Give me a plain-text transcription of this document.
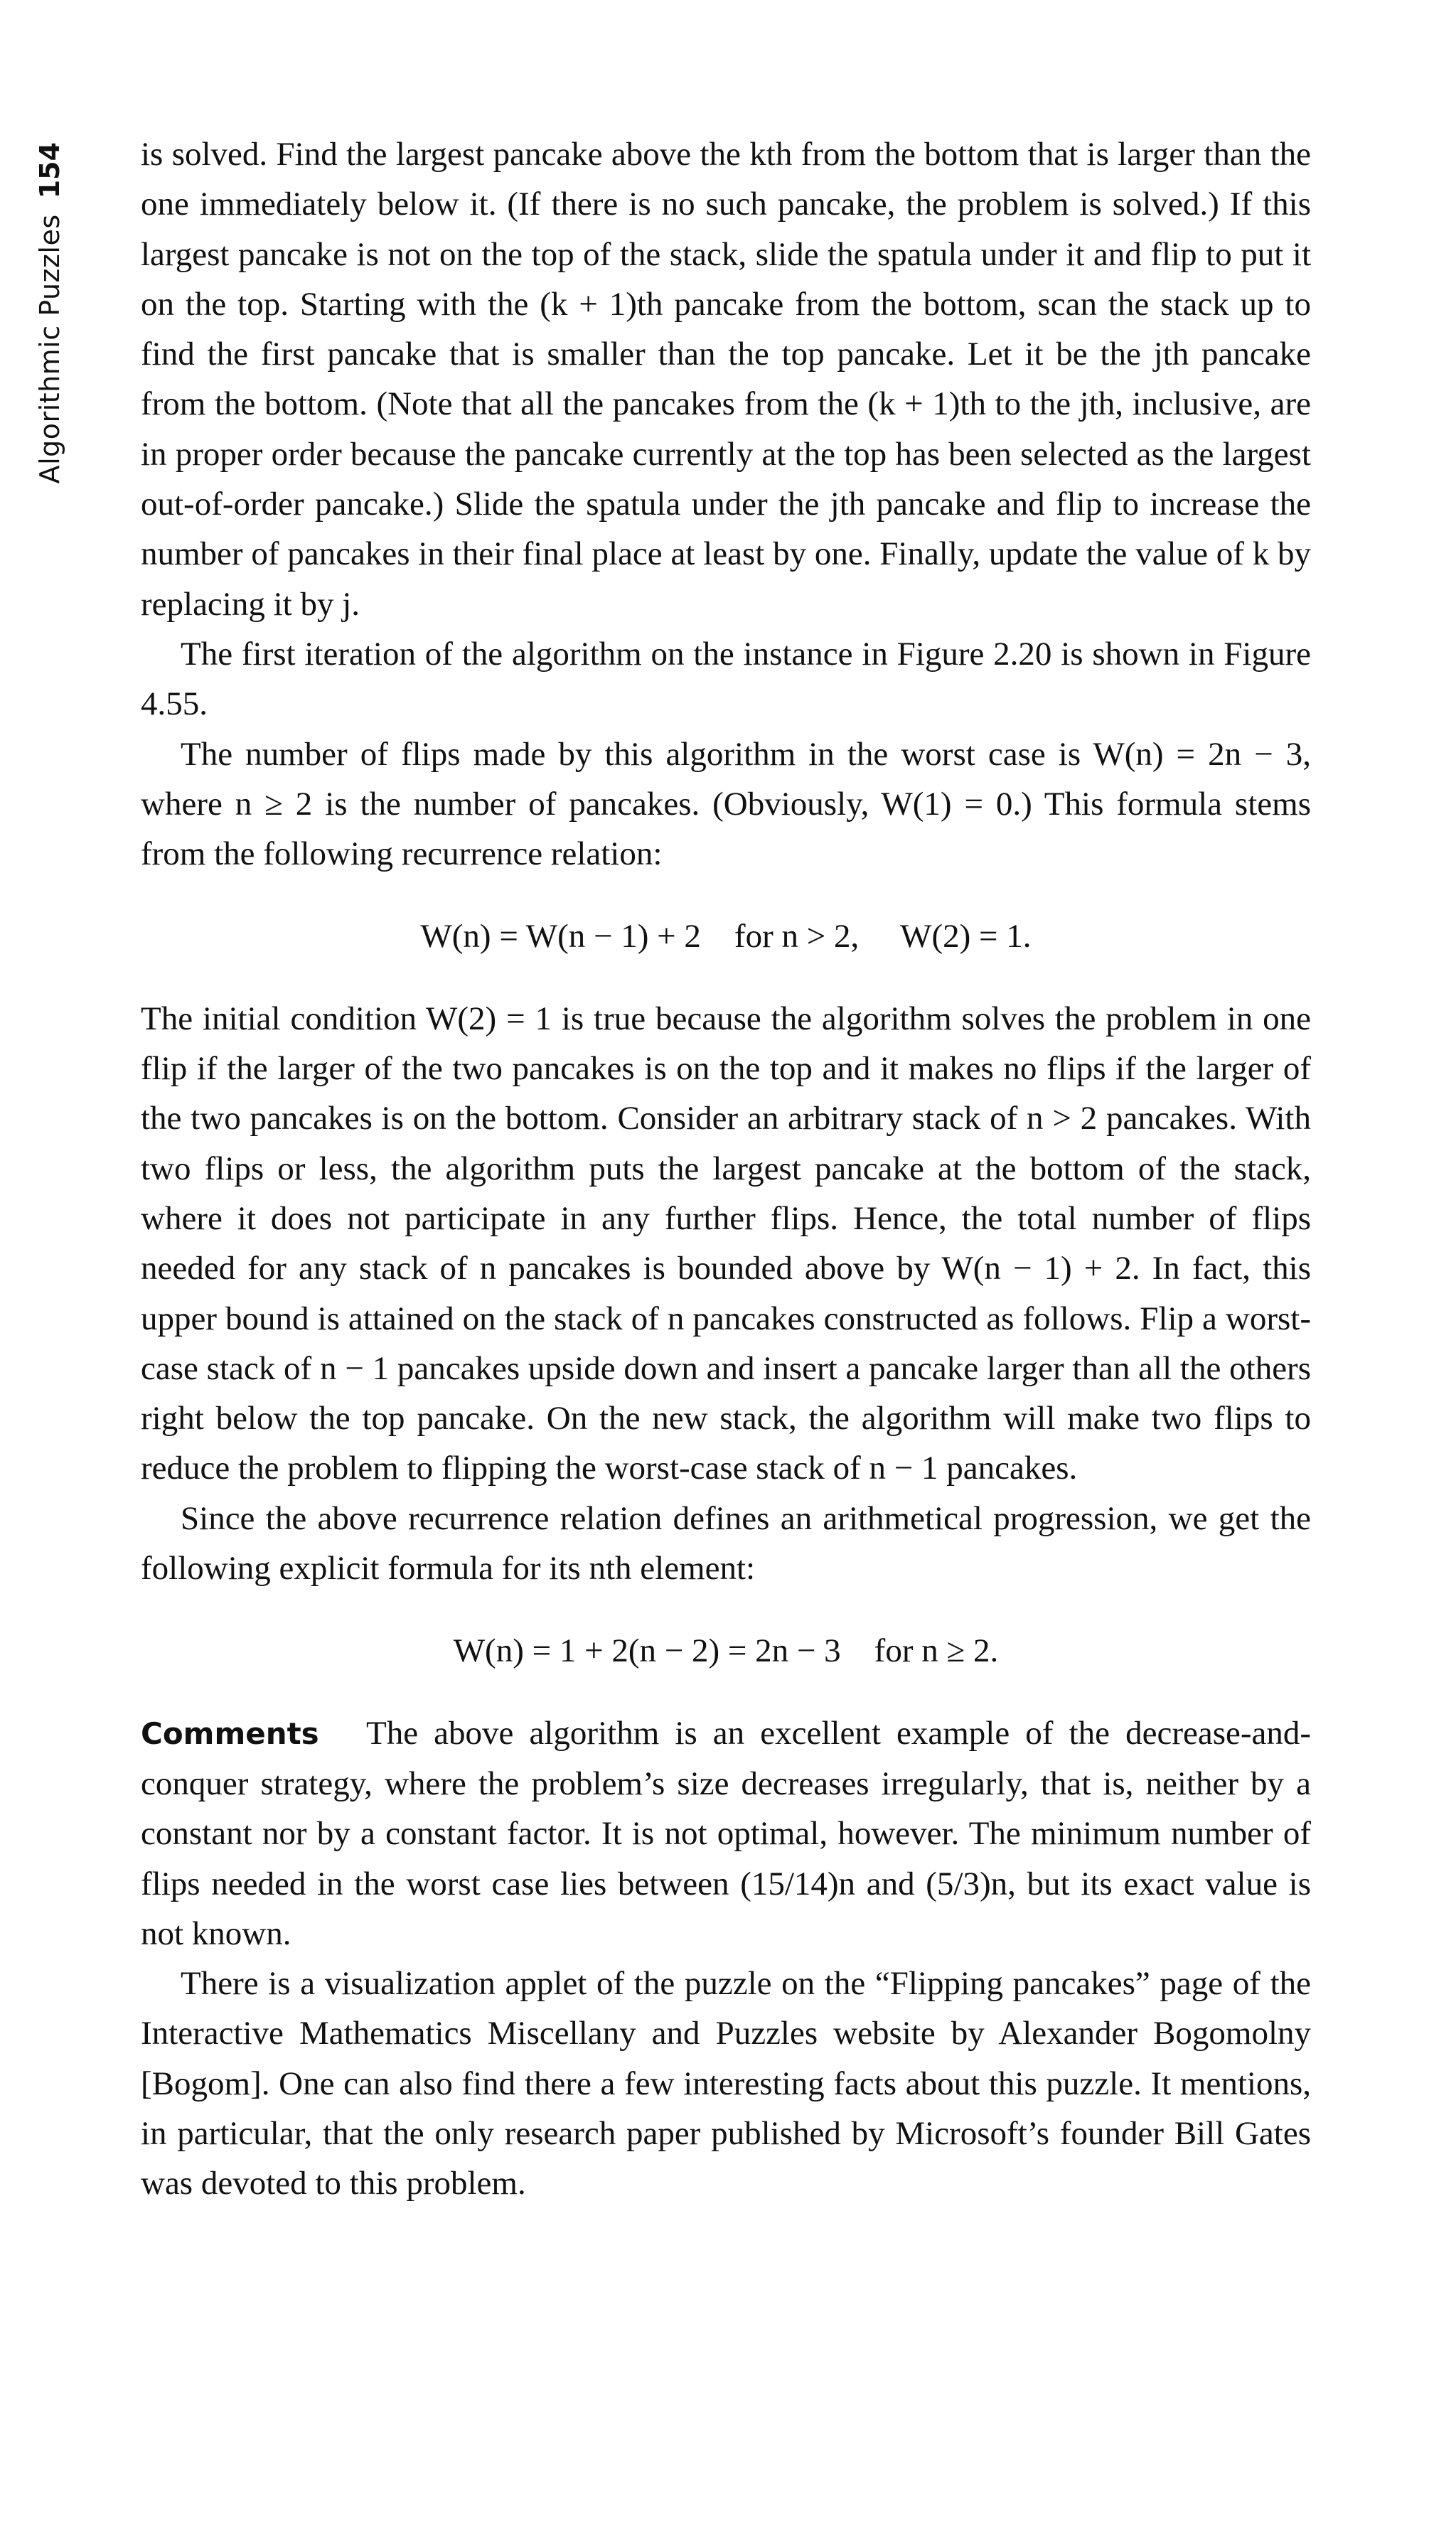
Algorithmic Puzzles
154 is solved. Find the largest pancake above the kth from the bottom that is larger than the one immediately below it. (If there is no such pancake, the problem is solved.) If this largest pancake is not on the top of the stack, slide the spatula under it and flip to put it on the top. Starting with the (k + 1)th pancake from the bottom, scan the stack up to find the first pancake that is smaller than the top pancake. Let it be the jth pancake from the bottom. (Note that all the pancakes from the (k + 1)th to the jth, inclusive, are in proper order because the pancake currently at the top has been selected as the largest out-of-order pancake.) Slide the spatula under the jth pancake and flip to increase the number of pancakes in their final place at least by one. Finally, update the value of k by replacing it by j.

The first iteration of the algorithm on the instance in Figure 2.20 is shown in Figure 4.55.

The number of flips made by this algorithm in the worst case is W(n) = 2n − 3, where n ≥ 2 is the number of pancakes. (Obviously, W(1) = 0.) This formula stems from the following recurrence relation:

W(n) = W(n − 1) + 2    for n > 2,     W(2) = 1.

The initial condition W(2) = 1 is true because the algorithm solves the problem in one flip if the larger of the two pancakes is on the top and it makes no flips if the larger of the two pancakes is on the bottom. Consider an arbitrary stack of n > 2 pancakes. With two flips or less, the algorithm puts the largest pancake at the bottom of the stack, where it does not participate in any further flips. Hence, the total number of flips needed for any stack of n pancakes is bounded above by W(n − 1) + 2. In fact, this upper bound is attained on the stack of n pancakes constructed as follows. Flip a worst-case stack of n − 1 pancakes upside down and insert a pancake larger than all the others right below the top pancake. On the new stack, the algorithm will make two flips to reduce the problem to flipping the worst-case stack of n − 1 pancakes.

Since the above recurrence relation defines an arithmetical progression, we get the following explicit formula for its nth element:

W(n) = 1 + 2(n − 2) = 2n − 3    for n ≥ 2.

Comments The above algorithm is an excellent example of the decrease-and-conquer strategy, where the problem’s size decreases irregularly, that is, neither by a constant nor by a constant factor. It is not optimal, however. The minimum number of flips needed in the worst case lies between (15/14)n and (5/3)n, but its exact value is not known.

There is a visualization applet of the puzzle on the “Flipping pancakes” page of the Interactive Mathematics Miscellany and Puzzles website by Alexander Bogomolny [Bogom]. One can also find there a few interesting facts about this puzzle. It mentions, in particular, that the only research paper published by Microsoft’s founder Bill Gates was devoted to this problem.
